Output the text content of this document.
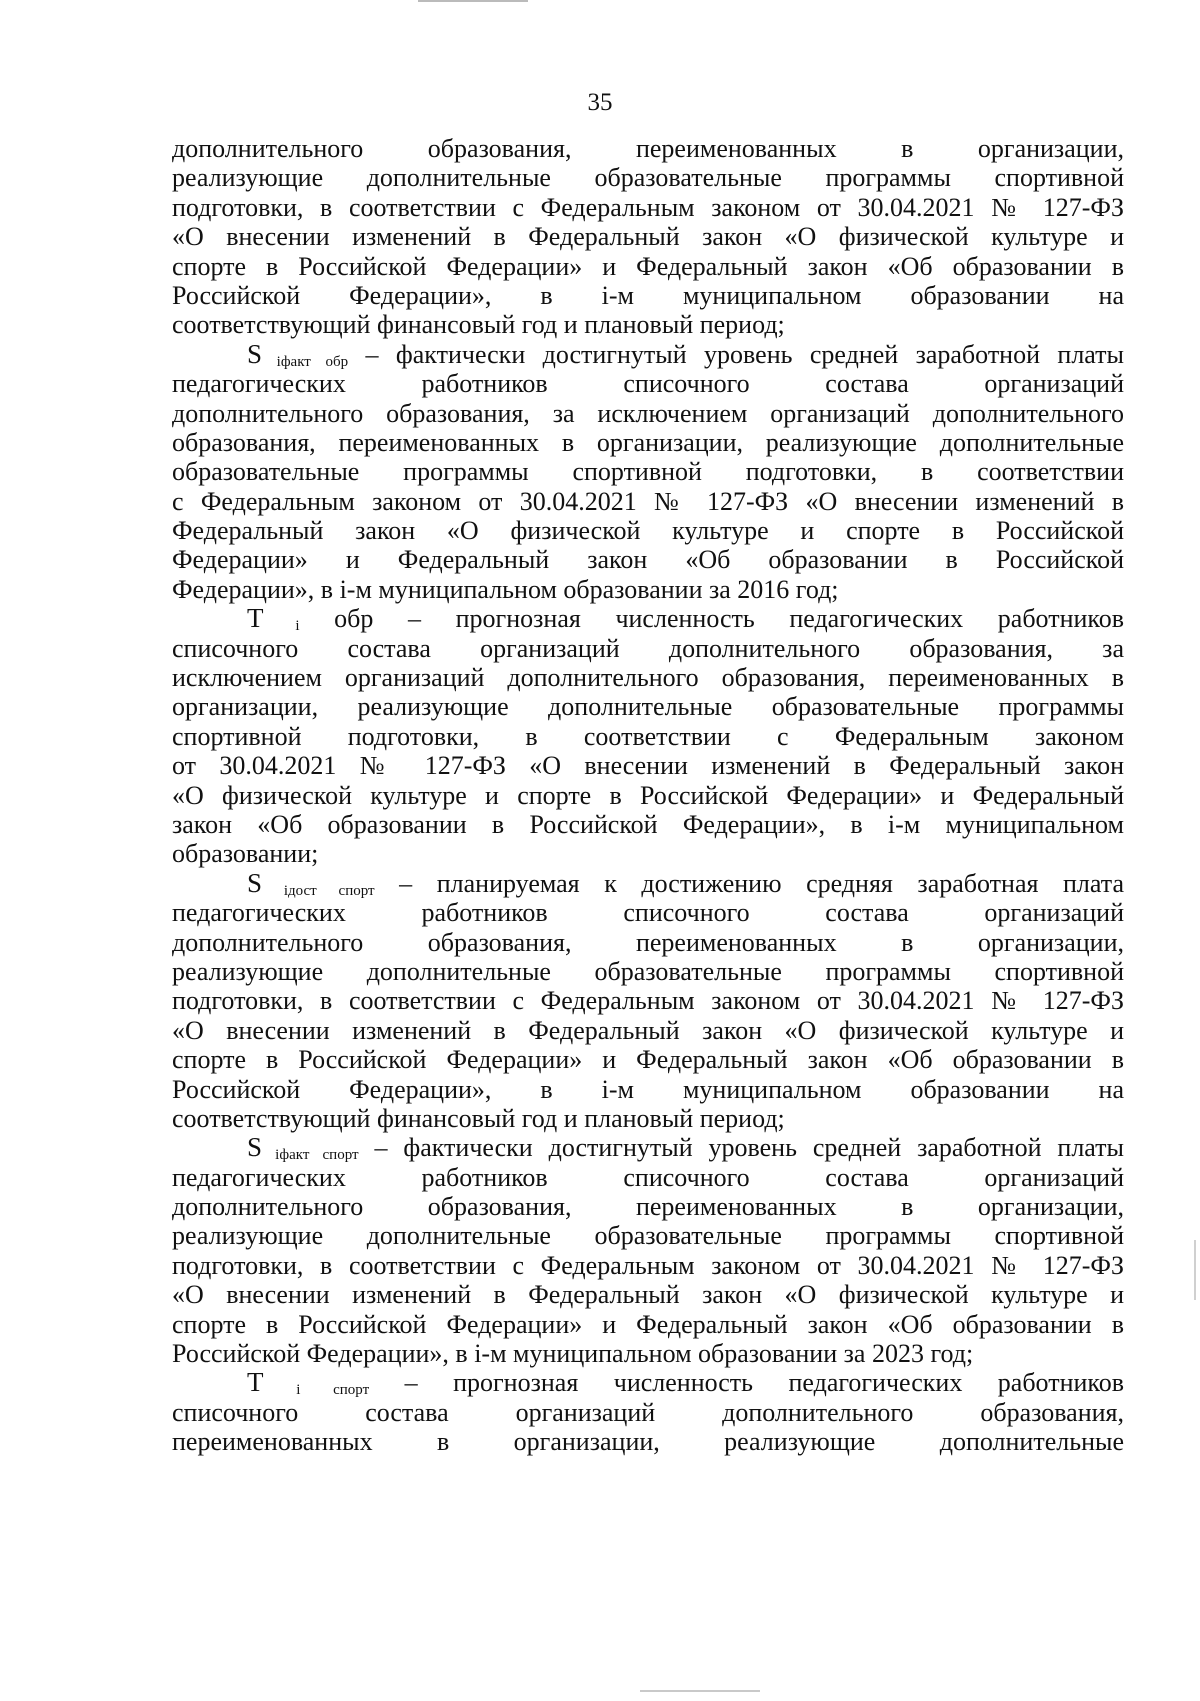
35
дополнительного образования, переименованных в организации,
реализующие дополнительные образовательные программы спортивной
подготовки, в соответствии с Федеральным законом от 30.04.2021 № 127-ФЗ
«О внесении изменений в Федеральный закон «О физической культуре и
спорте в Российской Федерации» и Федеральный закон «Об образовании в
Российской Федерации», в i-м муниципальном образовании на
соответствующий финансовый год и плановый период;
S $_{iфакт обр}$ – фактически достигнутый уровень средней заработной платы
педагогических работников списочного состава организаций
дополнительного образования, за исключением организаций дополнительного
образования, переименованных в организации, реализующие дополнительные
образовательные программы спортивной подготовки, в соответствии
с Федеральным законом от 30.04.2021 № 127-ФЗ «О внесении изменений в
Федеральный закон «О физической культуре и спорте в Российской
Федерации» и Федеральный закон «Об образовании в Российской
Федерации», в i-м муниципальном образовании за 2016 год;
T $_i$ обр – прогнозная численность педагогических работников
списочного состава организаций дополнительного образования, за
исключением организаций дополнительного образования, переименованных в
организации, реализующие дополнительные образовательные программы
спортивной подготовки, в соответствии с Федеральным законом
от 30.04.2021 № 127-ФЗ «О внесении изменений в Федеральный закон
«О физической культуре и спорте в Российской Федерации» и Федеральный
закон «Об образовании в Российской Федерации», в i-м муниципальном
образовании;
S $_{iдост спорт}$ – планируемая к достижению средняя заработная плата
педагогических работников списочного состава организаций
дополнительного образования, переименованных в организации,
реализующие дополнительные образовательные программы спортивной
подготовки, в соответствии с Федеральным законом от 30.04.2021 № 127-ФЗ
«О внесении изменений в Федеральный закон «О физической культуре и
спорте в Российской Федерации» и Федеральный закон «Об образовании в
Российской Федерации», в i-м муниципальном образовании на
соответствующий финансовый год и плановый период;
S $_{iфакт спорт}$ – фактически достигнутый уровень средней заработной платы
педагогических работников списочного состава организаций
дополнительного образования, переименованных в организации,
реализующие дополнительные образовательные программы спортивной
подготовки, в соответствии с Федеральным законом от 30.04.2021 № 127-ФЗ
«О внесении изменений в Федеральный закон «О физической культуре и
спорте в Российской Федерации» и Федеральный закон «Об образовании в
Российской Федерации», в i-м муниципальном образовании за 2023 год;
T $_{i спорт}$ – прогнозная численность педагогических работников
списочного состава организаций дополнительного образования,
переименованных в организации, реализующие дополнительные
